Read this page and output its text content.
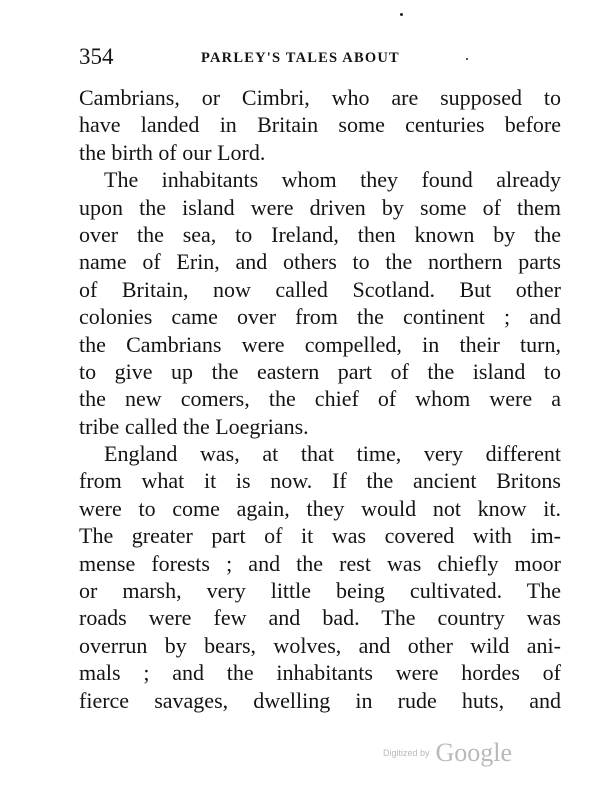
354	PARLEY'S TALES ABOUT
Cambrians, or Cimbri, who are supposed to
have landed in Britain some centuries before
the birth of our Lord.
The inhabitants whom they found already
upon the island were driven by some of them
over the sea, to Ireland, then known by the
name of Erin, and others to the northern parts
of Britain, now called Scotland. But other
colonies came over from the continent ; and
the Cambrians were compelled, in their turn,
to give up the eastern part of the island to
the new comers, the chief of whom were a
tribe called the Loegrians.
England was, at that time, very different
from what it is now. If the ancient Britons
were to come again, they would not know it.
The greater part of it was covered with im-
mense forests ; and the rest was chiefly moor
or marsh, very little being cultivated. The
roads were few and bad. The country was
overrun by bears, wolves, and other wild ani-
mals ; and the inhabitants were hordes of
fierce savages, dwelling in rude huts, and
Digitized by Google
